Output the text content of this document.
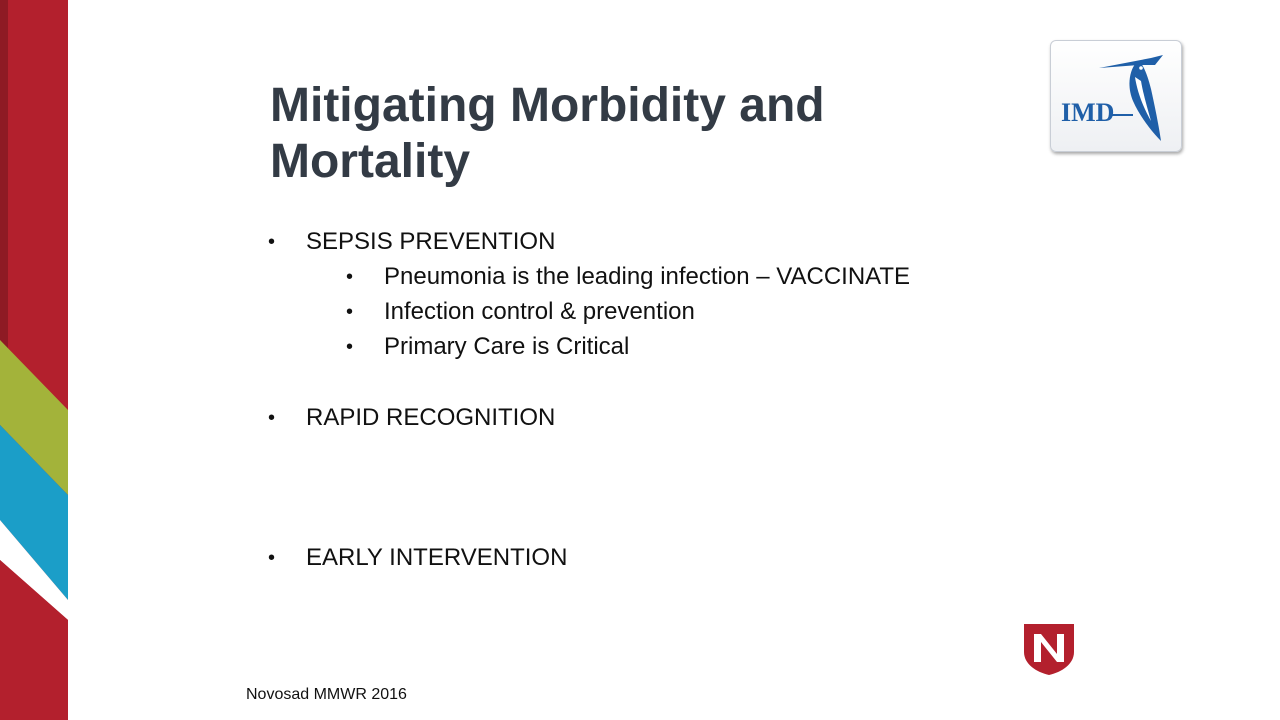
Mitigating Morbidity and Mortality
• SEPSIS PREVENTION
• Pneumonia is the leading infection – VACCINATE
• Infection control & prevention
• Primary Care is Critical
• RAPID RECOGNITION
• EARLY INTERVENTION
IMD
Novosad MMWR 2016
